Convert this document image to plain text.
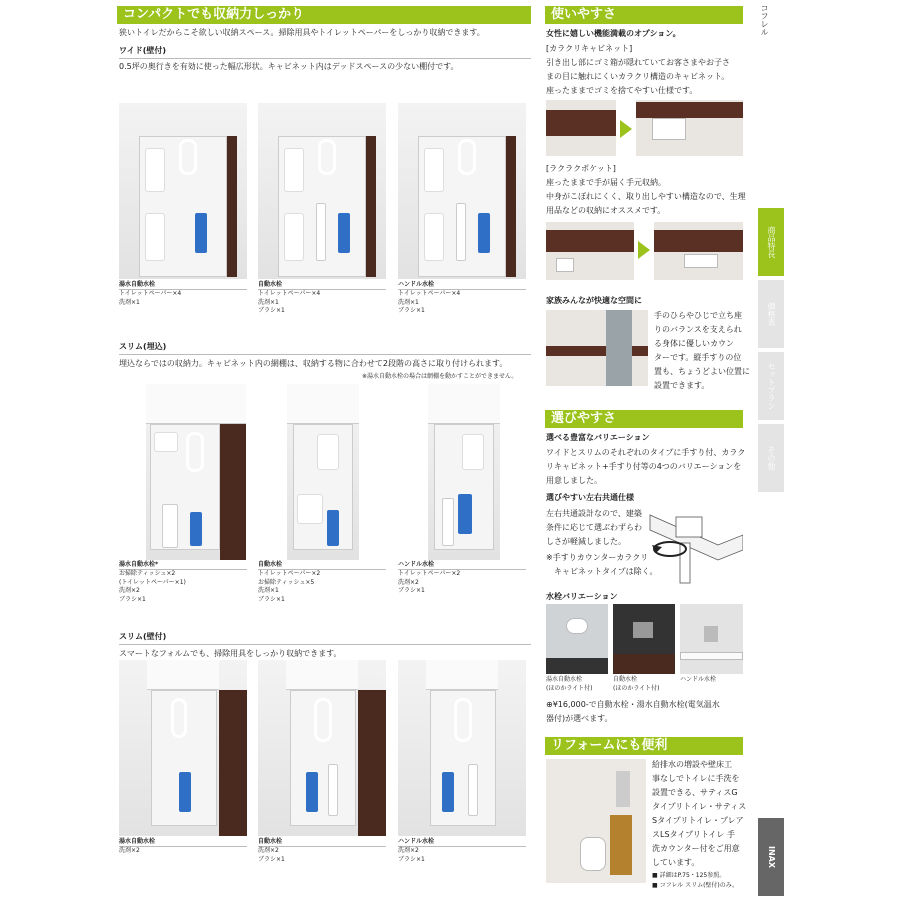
コンパクトでも収納力しっかり
狭いトイレだからこそ欲しい収納スペース。掃除用具やトイレットペーパーをしっかり収納できます。
ワイド(壁付)
0.5坪の奥行きを有効に使った幅広形状。キャビネット内はデッドスペースの少ない棚付です。
湯水自動水栓
トイレットペーパー×4
洗剤×1
自動水栓
トイレットペーパー×4
洗剤×1
ブラシ×1
ハンドル水栓
トイレットペーパー×4
洗剤×1
ブラシ×1
スリム(埋込)
埋込ならではの収納力。キャビネット内の網棚は、収納する物に合わせて2段階の高さに取り付けられます。
※湯水自動水栓の場合は網棚を動かすことができません。
湯水自動水栓*
お掃除ティッシュ×2
(トイレットペーパー×1)
洗剤×2
ブラシ×1
自動水栓
トイレットペーパー×2
お掃除ティッシュ×5
洗剤×1
ブラシ×1
ハンドル水栓
トイレットペーパー×2
洗剤×2
ブラシ×1
スリム(壁付)
スマートなフォルムでも、掃除用具をしっかり収納できます。
湯水自動水栓
洗剤×2
自動水栓
洗剤×2
ブラシ×1
ハンドル水栓
洗剤×2
ブラシ×1
使いやすさ
女性に嬉しい機能満載のオプション。
[カラクリキャビネット]
引き出し部にゴミ箱が隠れていてお客さまやお子さ
まの目に触れにくいカラクリ構造のキャビネット。
座ったままでゴミを捨てやすい仕様です。
[ラクラクポケット]
座ったままで手が届く手元収納。
中身がこぼれにくく、取り出しやすい構造なので、生理
用品などの収納にオススメです。
家族みんなが快適な空間に
手のひらやひじで立ち座
りのバランスを支えられ
る身体に優しいカウン
ターです。縦手すりの位
置も、ちょうどよい位置に
設置できます。
選びやすさ
選べる豊富なバリエーション
ワイドとスリムのそれぞれのタイプに手すり付、カラク
リキャビネット+手すり付等の4つのバリエーションを
用意しました。
選びやすい左右共通仕様
左右共通設計なので、建築
条件に応じて選ぶわずらわ
しさが軽減しました。
※手すりカウンターカラクリ
　キャビネットタイプは除く。
水栓バリエーション
湯水自動水栓
(ほのかライト付)
自動水栓
(ほのかライト付)
ハンドル水栓
⊕¥16,000-で自動水栓・湯水自動水栓(電気温水
器付)が選べます。
リフォームにも便利
給排水の増設や壁床工
事なしでトイレに手洗を
設置できる、サティスG
タイプリトイレ・サティス
Sタイプリトイレ・プレア
スLSタイプリトイレ 手
洗カウンター付をご用意
しています。
■ 詳細はP.75・125参照。
■ コフレル スリム(壁付)のみ。
コフレル
商品特長
価格表
セットプラン
その他
INAX
